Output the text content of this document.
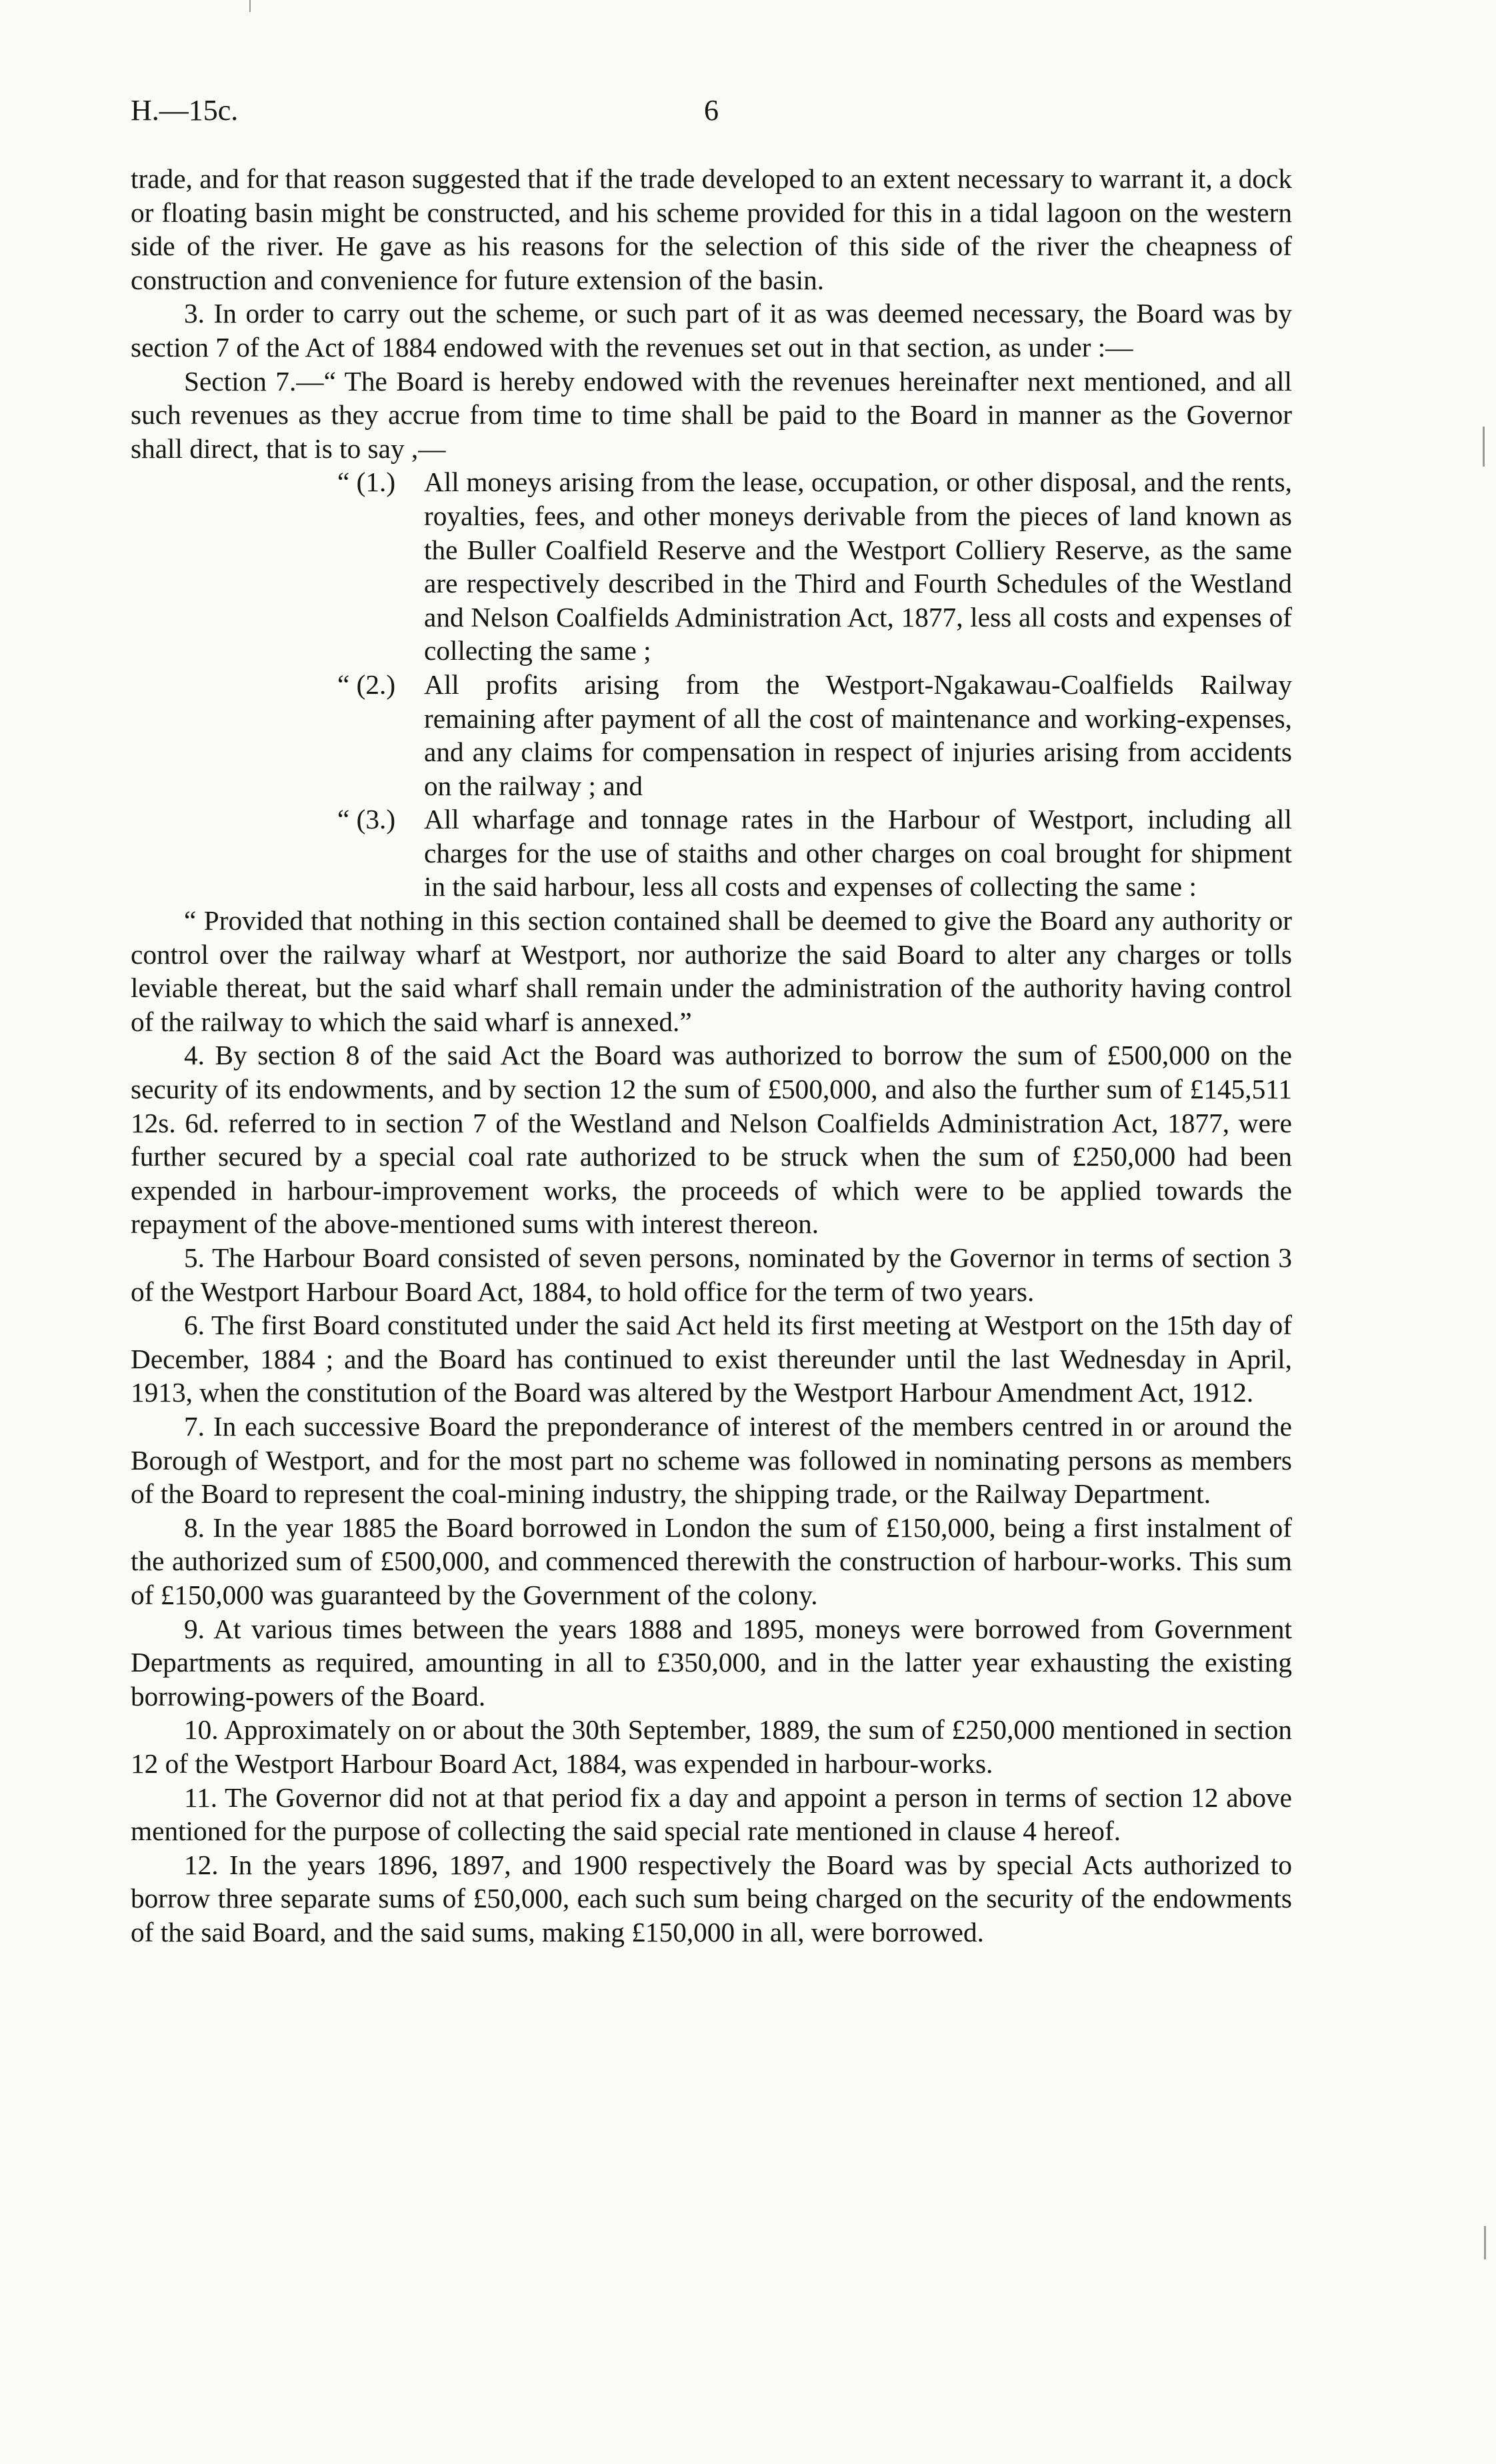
H.—15c.	6

trade, and for that reason suggested that if the trade developed to an extent necessary to warrant it, a dock or floating basin might be constructed, and his scheme provided for this in a tidal lagoon on the western side of the river. He gave as his reasons for the selection of this side of the river the cheapness of construction and convenience for future extension of the basin.

3. In order to carry out the scheme, or such part of it as was deemed necessary, the Board was by section 7 of the Act of 1884 endowed with the revenues set out in that section, as under :—

Section 7.—“ The Board is hereby endowed with the revenues hereinafter next mentioned, and all such revenues as they accrue from time to time shall be paid to the Board in manner as the Governor shall direct, that is to say ,—

“ (1.) All moneys arising from the lease, occupation, or other disposal, and the rents, royalties, fees, and other moneys derivable from the pieces of land known as the Buller Coalfield Reserve and the Westport Colliery Reserve, as the same are respectively described in the Third and Fourth Schedules of the Westland and Nelson Coalfields Administration Act, 1877, less all costs and expenses of collecting the same ;
“ (2.) All profits arising from the Westport-Ngakawau-Coalfields Railway remaining after payment of all the cost of maintenance and working-expenses, and any claims for compensation in respect of injuries arising from accidents on the railway ; and
“ (3.) All wharfage and tonnage rates in the Harbour of Westport, including all charges for the use of staiths and other charges on coal brought for shipment in the said harbour, less all costs and expenses of collecting the same :

“ Provided that nothing in this section contained shall be deemed to give the Board any authority or control over the railway wharf at Westport, nor authorize the said Board to alter any charges or tolls leviable thereat, but the said wharf shall remain under the administration of the authority having control of the railway to which the said wharf is annexed.”

4. By section 8 of the said Act the Board was authorized to borrow the sum of £500,000 on the security of its endowments, and by section 12 the sum of £500,000, and also the further sum of £145,511 12s. 6d. referred to in section 7 of the Westland and Nelson Coalfields Administration Act, 1877, were further secured by a special coal rate authorized to be struck when the sum of £250,000 had been expended in harbour-improvement works, the proceeds of which were to be applied towards the repayment of the above-mentioned sums with interest thereon.

5. The Harbour Board consisted of seven persons, nominated by the Governor in terms of section 3 of the Westport Harbour Board Act, 1884, to hold office for the term of two years.

6. The first Board constituted under the said Act held its first meeting at Westport on the 15th day of December, 1884 ; and the Board has continued to exist thereunder until the last Wednesday in April, 1913, when the constitution of the Board was altered by the Westport Harbour Amendment Act, 1912.

7. In each successive Board the preponderance of interest of the members centred in or around the Borough of Westport, and for the most part no scheme was followed in nominating persons as members of the Board to represent the coal-mining industry, the shipping trade, or the Railway Department.

8. In the year 1885 the Board borrowed in London the sum of £150,000, being a first instalment of the authorized sum of £500,000, and commenced therewith the construction of harbour-works. This sum of £150,000 was guaranteed by the Government of the colony.

9. At various times between the years 1888 and 1895, moneys were borrowed from Government Departments as required, amounting in all to £350,000, and in the latter year exhausting the existing borrowing-powers of the Board.

10. Approximately on or about the 30th September, 1889, the sum of £250,000 mentioned in section 12 of the Westport Harbour Board Act, 1884, was expended in harbour-works.

11. The Governor did not at that period fix a day and appoint a person in terms of section 12 above mentioned for the purpose of collecting the said special rate mentioned in clause 4 hereof.

12. In the years 1896, 1897, and 1900 respectively the Board was by special Acts authorized to borrow three separate sums of £50,000, each such sum being charged on the security of the endowments of the said Board, and the said sums, making £150,000 in all, were borrowed.
